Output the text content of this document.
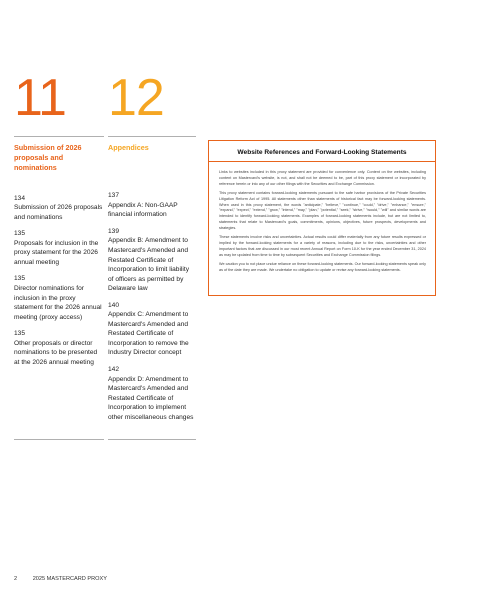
11 12
Submission of 2026 proposals and nominations
134
Submission of 2026 proposals and nominations
135
Proposals for inclusion in the proxy statement for the 2026 annual meeting
135
Director nominations for inclusion in the proxy statement for the 2026 annual meeting (proxy access)
135
Other proposals or director nominations to be presented at the 2026 annual meeting
Appendices
137
Appendix A: Non-GAAP financial information
139
Appendix B: Amendment to Mastercard's Amended and Restated Certificate of Incorporation to limit liability of officers as permitted by Delaware law
140
Appendix C: Amendment to Mastercard's Amended and Restated Certificate of Incorporation to remove the Industry Director concept
142
Appendix D: Amendment to Mastercard's Amended and Restated Certificate of Incorporation to implement other miscellaneous changes
Website References and Forward-Looking Statements

Links to websites included in this proxy statement are provided for convenience only. Content on the websites, including content on Mastercard's website, is not, and shall not be deemed to be, part of this proxy statement or incorporated by reference herein or into any of our other filings with the Securities and Exchange Commission.

This proxy statement contains forward-looking statements pursuant to the safe harbor provisions of the Private Securities Litigation Reform Act of 1995. All statements other than statements of historical fact may be forward-looking statements. When used in this proxy statement, the words "anticipate," "believe," "continue," "could," "drive," "enhance," "ensure," "expand," "expect," "extend," "grow," "intend," "may," "plan," "potential," "seek," "strive," "would," "will" and similar words are intended to identify forward-looking statements. Examples of forward-looking statements include, but are not limited to, statements that relate to Mastercard's goals, commitments, opinions, objectives, future prospects, developments and strategies.

These statements involve risks and uncertainties. Actual results could differ materially from any future results expressed or implied by the forward-looking statements for a variety of reasons, including due to the risks, uncertainties and other important factors that are discussed in our most recent Annual Report on Form 10-K for the year ended December 31, 2024 as may be updated from time to time by subsequent Securities and Exchange Commission filings.

We caution you to not place undue reliance on these forward-looking statements. Our forward-looking statements speak only as of the date they are made. We undertake no obligation to update or revise any forward-looking statements.

2	2025 MASTERCARD PROXY
